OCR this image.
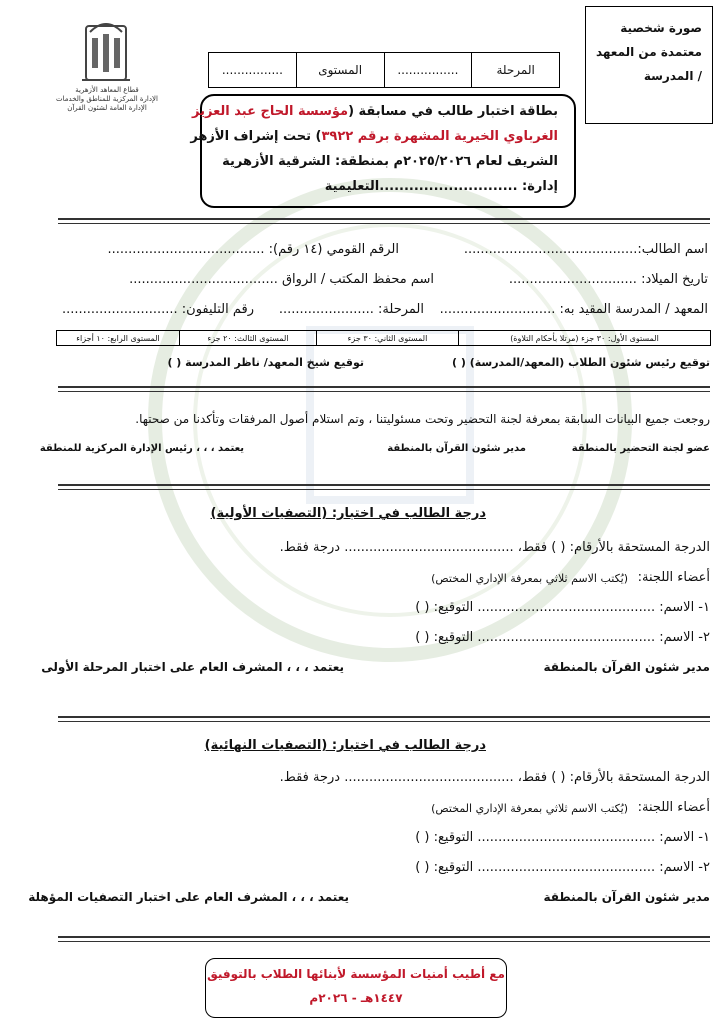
قطاع المعاهد الأزهرية
الإدارة المركزية للمناطق والخدمات
الإدارة العامة لشئون القرآن
صورة شخصية
معتمدة من المعهد
/ المدرسة
المرحلة
................
المستوى
................
بطاقة اختبار طالب في مسابقة (مؤسسة الحاج عبد العزيز
الغرباوي الخيرية المشهرة برقم ٣٩٢٢) تحت إشراف الأزهر
الشريف لعام ٢٠٢٥/٢٠٢٦م بمنطقة: الشرقية الأزهرية
إدارة: ............................التعليمية
اسم الطالب:..........................................
الرقم القومي (١٤ رقم): ......................................
تاريخ الميلاد: ...............................
اسم محفظ المكتب / الرواق ....................................
المعهد / المدرسة المقيد به: ............................
المرحلة: .......................
رقم التليفون: ............................
المستوى الأول: ٣٠ جزء (مرتلا بأحكام التلاوة)
المستوى الثاني: ٣٠ جزء
المستوى الثالث: ٢٠ جزء
المستوى الرابع: ١٠ أجزاء
توقيع رئيس شئون الطلاب (المعهد/المدرسة) ( )
توقيع شيخ المعهد/ ناظر المدرسة ( )
روجعت جميع البيانات السابقة بمعرفة لجنة التحضير وتحت مسئوليتنا ، وتم استلام أصول المرفقات وتأكدنا من صحتها.
عضو لجنة التحضير بالمنطقة
مدير شئون القرآن بالمنطقة
يعتمد ، ، ، رئيس الإدارة المركزية للمنطقة
درجة الطالب في اختبار: (التصفيات الأولية)
الدرجة المستحقة بالأرقام: ( ) فقط، ......................................... درجة فقط.
أعضاء اللجنة:
(يُكتب الاسم ثلاثي بمعرفة الإداري المختص)
١- الاسم: ........................................... التوقيع: ( )
٢- الاسم: ........................................... التوقيع: ( )
مدير شئون القرآن بالمنطقة
يعتمد ، ، ، المشرف العام على اختبار المرحلة الأولى
درجة الطالب في اختبار: (التصفيات النهائية)
الدرجة المستحقة بالأرقام: ( ) فقط، ......................................... درجة فقط.
أعضاء اللجنة:
(يُكتب الاسم ثلاثي بمعرفة الإداري المختص)
١- الاسم: ........................................... التوقيع: ( )
٢- الاسم: ........................................... التوقيع: ( )
مدير شئون القرآن بالمنطقة
يعتمد ، ، ، المشرف العام على اختبار التصفيات المؤهلة
مع أطيب أمنيات المؤسسة لأبنائها الطلاب بالتوفيق
١٤٤٧هـ - ٢٠٢٦م
